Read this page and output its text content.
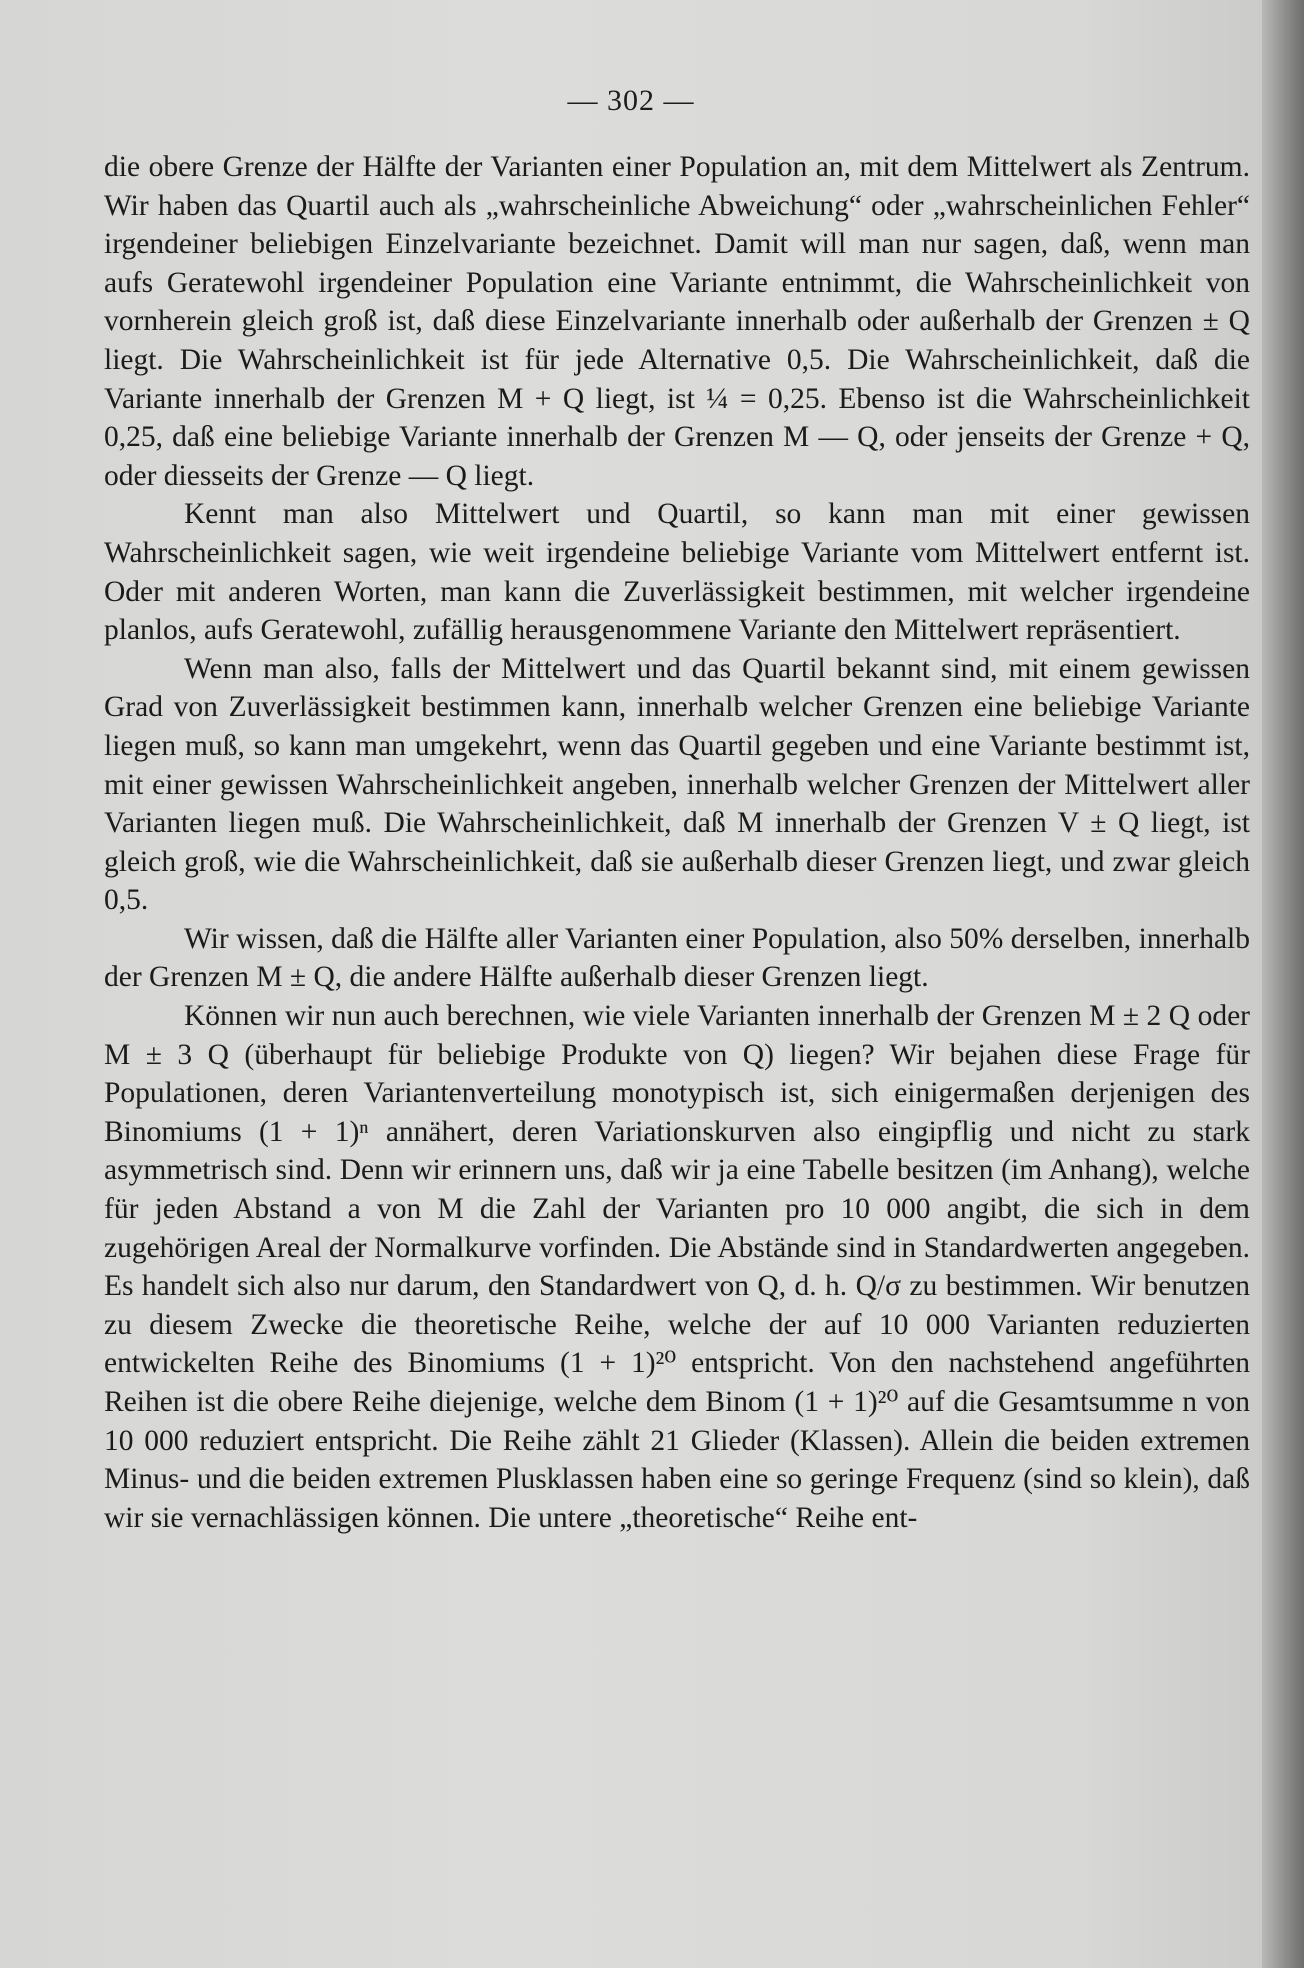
— 302 —

die obere Grenze der Hälfte der Varianten einer Population an, mit dem Mittelwert als Zentrum. Wir haben das Quartil auch als „wahrscheinliche Abweichung“ oder „wahrscheinlichen Fehler“ irgendeiner beliebigen Einzelvariante bezeichnet. Damit will man nur sagen, daß, wenn man aufs Geratewohl irgendeiner Population eine Variante entnimmt, die Wahrscheinlichkeit von vornherein gleich groß ist, daß diese Einzelvariante innerhalb oder außerhalb der Grenzen ± Q liegt. Die Wahrscheinlichkeit ist für jede Alternative 0,5. Die Wahrscheinlichkeit, daß die Variante innerhalb der Grenzen M + Q liegt, ist ¼ = 0,25. Ebenso ist die Wahrscheinlichkeit 0,25, daß eine beliebige Variante innerhalb der Grenzen M — Q, oder jenseits der Grenze + Q, oder diesseits der Grenze — Q liegt.

Kennt man also Mittelwert und Quartil, so kann man mit einer gewissen Wahrscheinlichkeit sagen, wie weit irgendeine beliebige Variante vom Mittelwert entfernt ist. Oder mit anderen Worten, man kann die Zuverlässigkeit bestimmen, mit welcher irgendeine planlos, aufs Geratewohl, zufällig herausgenommene Variante den Mittelwert repräsentiert.

Wenn man also, falls der Mittelwert und das Quartil bekannt sind, mit einem gewissen Grad von Zuverlässigkeit bestimmen kann, innerhalb welcher Grenzen eine beliebige Variante liegen muß, so kann man umgekehrt, wenn das Quartil gegeben und eine Variante bestimmt ist, mit einer gewissen Wahrscheinlichkeit angeben, innerhalb welcher Grenzen der Mittelwert aller Varianten liegen muß. Die Wahrscheinlichkeit, daß M innerhalb der Grenzen V ± Q liegt, ist gleich groß, wie die Wahrscheinlichkeit, daß sie außerhalb dieser Grenzen liegt, und zwar gleich 0,5.

Wir wissen, daß die Hälfte aller Varianten einer Population, also 50% derselben, innerhalb der Grenzen M ± Q, die andere Hälfte außerhalb dieser Grenzen liegt.

Können wir nun auch berechnen, wie viele Varianten innerhalb der Grenzen M ± 2 Q oder M ± 3 Q (überhaupt für beliebige Produkte von Q) liegen? Wir bejahen diese Frage für Populationen, deren Variantenverteilung monotypisch ist, sich einigermaßen derjenigen des Binomiums (1 + 1)ⁿ annähert, deren Variationskurven also eingipflig und nicht zu stark asymmetrisch sind. Denn wir erinnern uns, daß wir ja eine Tabelle besitzen (im Anhang), welche für jeden Abstand a von M die Zahl der Varianten pro 10 000 angibt, die sich in dem zugehörigen Areal der Normalkurve vorfinden. Die Abstände sind in Standardwerten angegeben. Es handelt sich also nur darum, den Standardwert von Q, d. h. Q/σ zu bestimmen. Wir benutzen zu diesem Zwecke die theoretische Reihe, welche der auf 10 000 Varianten reduzierten entwickelten Reihe des Binomiums (1 + 1)²⁰ entspricht. Von den nachstehend angeführten Reihen ist die obere Reihe diejenige, welche dem Binom (1 + 1)²⁰ auf die Gesamtsumme n von 10 000 reduziert entspricht. Die Reihe zählt 21 Glieder (Klassen). Allein die beiden extremen Minus- und die beiden extremen Plusklassen haben eine so geringe Frequenz (sind so klein), daß wir sie vernachlässigen können. Die untere „theoretische“ Reihe ent-
